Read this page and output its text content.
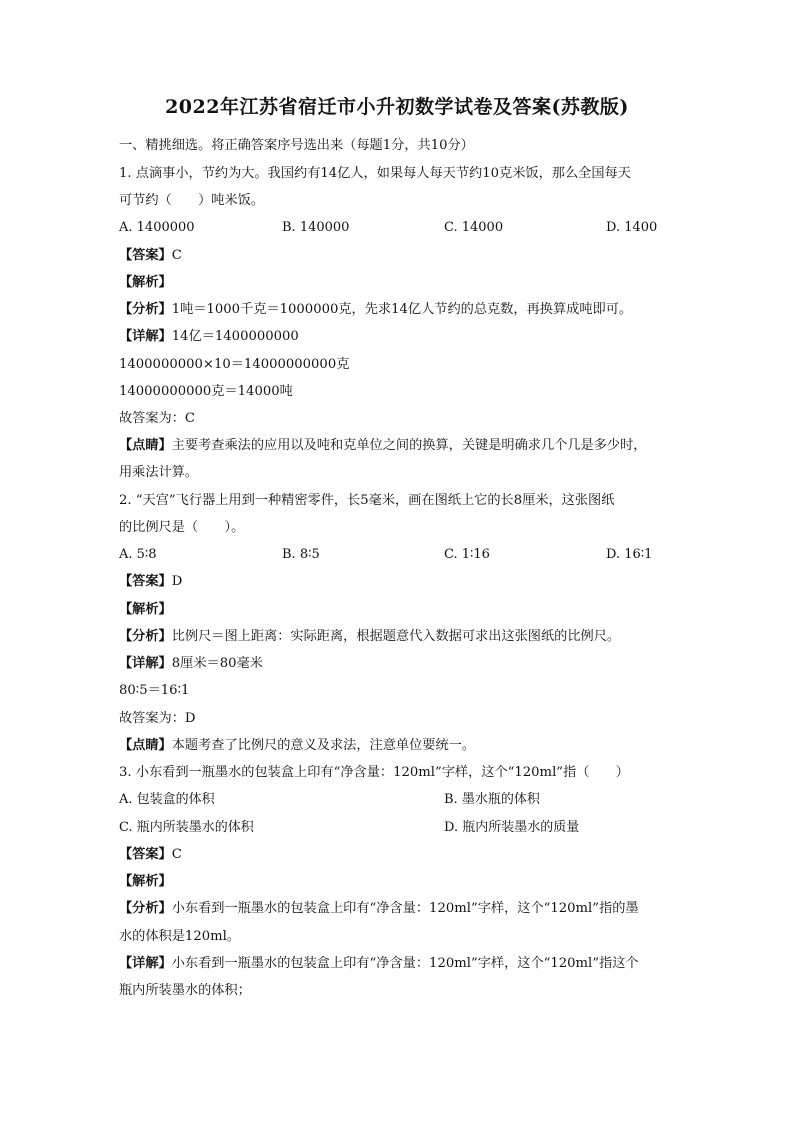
2022年江苏省宿迁市小升初数学试卷及答案(苏教版)
一、精挑细选。将正确答案序号选出来（每题1分，共10分）
1. 点滴事小，节约为大。我国约有14亿人，如果每人每天节约10克米饭，那么全国每天
可节约（　　）吨米饭。
A. 1400000	B. 140000	C. 14000	D. 1400
【答案】C
【解析】
【分析】1吨＝1000千克＝1000000克，先求14亿人节约的总克数，再换算成吨即可。
【详解】14亿＝1400000000
1400000000×10＝14000000000克
14000000000克＝14000吨
故答案为：C
【点睛】主要考查乘法的应用以及吨和克单位之间的换算，关键是明确求几个几是多少时，
用乘法计算。
2. “天宫”飞行器上用到一种精密零件，长5毫米，画在图纸上它的长8厘米，这张图纸
的比例尺是（　　）。
A. 5∶8	B. 8∶5	C. 1∶16	D. 16∶1
【答案】D
【解析】
【分析】比例尺＝图上距离：实际距离，根据题意代入数据可求出这张图纸的比例尺。
【详解】8厘米＝80毫米
80∶5＝16∶1
故答案为：D
【点睛】本题考查了比例尺的意义及求法，注意单位要统一。
3. 小东看到一瓶墨水的包装盒上印有“净含量：120ml”字样，这个“120ml”指（　　）
A. 包装盒的体积	B. 墨水瓶的体积
C. 瓶内所装墨水的体积	D. 瓶内所装墨水的质量
【答案】C
【解析】
【分析】小东看到一瓶墨水的包装盒上印有“净含量：120ml”字样，这个“120ml”指的墨
水的体积是120ml。
【详解】小东看到一瓶墨水的包装盒上印有“净含量：120ml”字样，这个“120ml”指这个
瓶内所装墨水的体积；
